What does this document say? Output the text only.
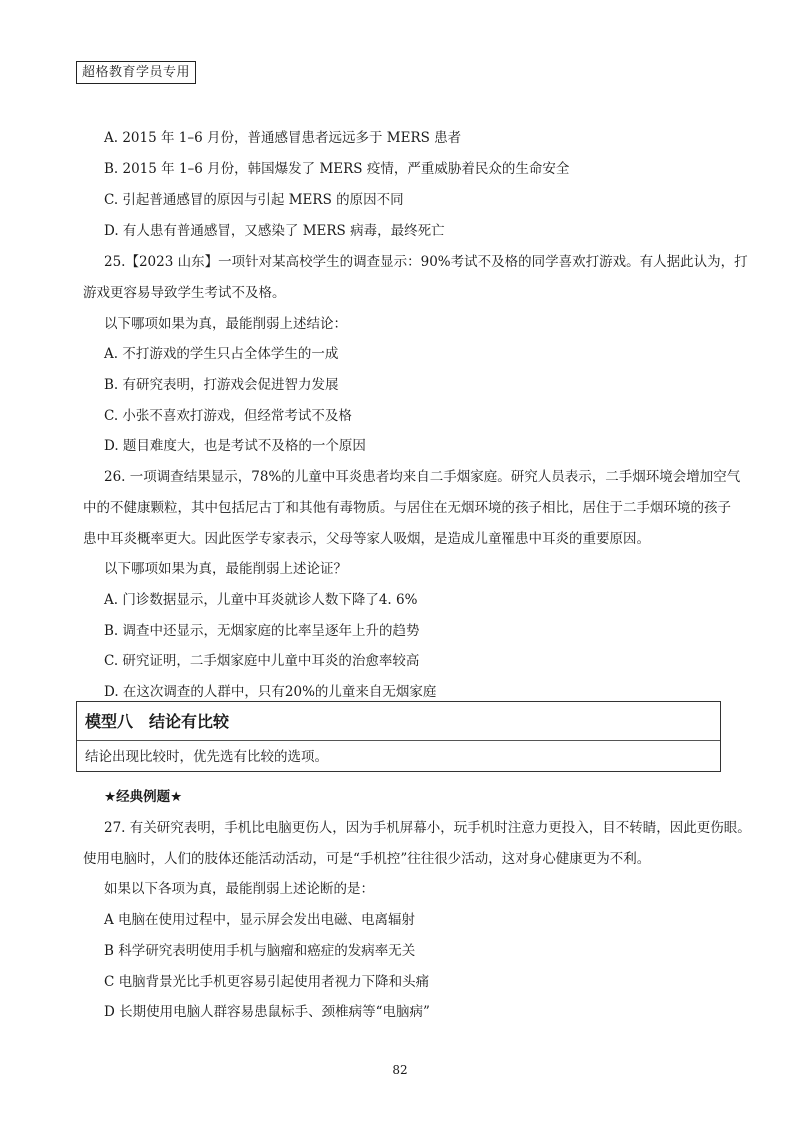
超格教育学员专用
A. 2015 年 1–6 月份，普通感冒患者远远多于 MERS 患者
B. 2015 年 1–6 月份，韩国爆发了 MERS 疫情，严重威胁着民众的生命安全
C. 引起普通感冒的原因与引起 MERS 的原因不同
D. 有人患有普通感冒，又感染了 MERS 病毒，最终死亡
25.【2023 山东】一项针对某高校学生的调查显示：90%考试不及格的同学喜欢打游戏。有人据此认为，打
游戏更容易导致学生考试不及格。
以下哪项如果为真，最能削弱上述结论：
A. 不打游戏的学生只占全体学生的一成
B. 有研究表明，打游戏会促进智力发展
C. 小张不喜欢打游戏，但经常考试不及格
D. 题目难度大，也是考试不及格的一个原因
26. 一项调查结果显示，78%的儿童中耳炎患者均来自二手烟家庭。研究人员表示，二手烟环境会增加空气
中的不健康颗粒，其中包括尼古丁和其他有毒物质。与居住在无烟环境的孩子相比，居住于二手烟环境的孩子
患中耳炎概率更大。因此医学专家表示，父母等家人吸烟，是造成儿童罹患中耳炎的重要原因。
以下哪项如果为真，最能削弱上述论证？
A. 门诊数据显示，儿童中耳炎就诊人数下降了4. 6%
B. 调查中还显示，无烟家庭的比率呈逐年上升的趋势
C. 研究证明，二手烟家庭中儿童中耳炎的治愈率较高
D. 在这次调查的人群中，只有20%的儿童来自无烟家庭
模型八　结论有比较
结论出现比较时，优先选有比较的选项。
★经典例题★
27. 有关研究表明，手机比电脑更伤人，因为手机屏幕小，玩手机时注意力更投入，目不转睛，因此更伤眼。
使用电脑时，人们的肢体还能活动活动，可是“手机控”往往很少活动，这对身心健康更为不利。
如果以下各项为真，最能削弱上述论断的是：
A 电脑在使用过程中，显示屏会发出电磁、电离辐射
B 科学研究表明使用手机与脑瘤和癌症的发病率无关
C 电脑背景光比手机更容易引起使用者视力下降和头痛
D 长期使用电脑人群容易患鼠标手、颈椎病等“电脑病”
82
